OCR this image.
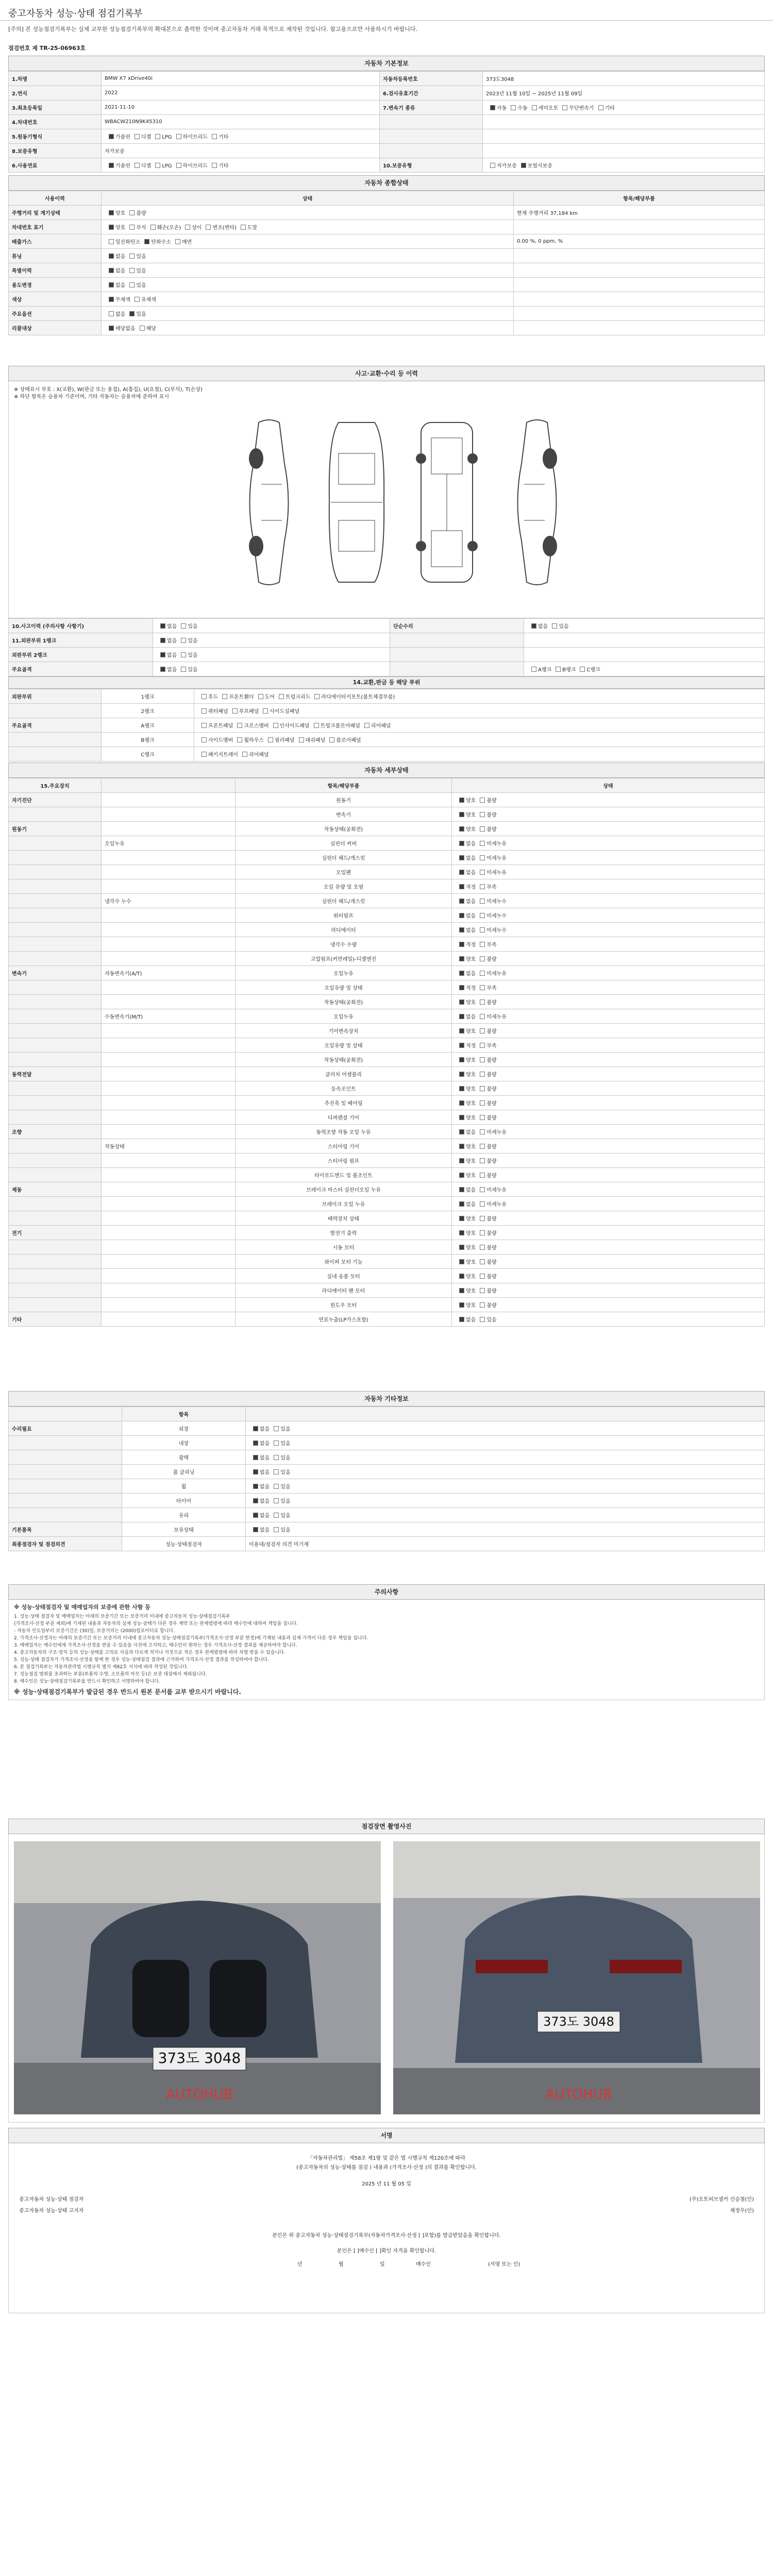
중고자동차 성능·상태 점검기록부
[주의] 본 성능점검기록부는 실제 교부한 성능점검기록부의 확대본으로 출력한 것이며 중고자동차 거래 목적으로 제작된 것입니다. 참고용으로만 사용하시기 바랍니다.
점검번호 제 TR-25-06963호
자동차 기본정보
1.차명	BMW X7 xDrive40i	자동차등록번호	373도3048
2.연식	2022	6.검사유효기간	2023년 11월 10일 ~ 2025년 11월 09일
3.최초등록일	2021-11-10	7.변속기 종류	자동 수동 세미오토 무단변속기 기타
4.차대번호	WBACW210N9K45310		
5.원동기형식	가솔린 디젤 LPG 하이브리드 기타		
8.보증유형	자가보증		
6.사용연료	가솔린 디젤 LPG 하이브리드 기타	10.보증유형	자가보증 보험사보증
자동차 종합상태
사용이력	상태	항목/해당부품
주행거리 및 계기상태	양호 불량	현재 주행거리 37,184 km
차대번호 표기	양호 부식 훼손(오손) 상이 변조(변타) 도말	
배출가스	일산화탄소 탄화수소 매연	0.00 %, 0 ppm, %
튜닝	없음 있음	
특별이력	없음 있음	
용도변경	없음 있음	
색상	무채색 유채색	
주요옵션	없음 있음	
리콜대상	해당없음 해당	
사고·교환·수리 등 이력
※ 상태표시 부호 : X(교환), W(판금 또는 용접), A(흠집), U(요철), C(부식), T(손상)
※ 하단 항목은 승용차 기준이며, 기타 자동차는 승용차에 준하여 표시
10.사고이력 (주의사항 사항기)	없음 있음	단순수리	없음 있음
11.외판부위 1랭크	없음 있음		
외판부위 2랭크	없음 있음		
주요골격	없음 있음		A랭크 B랭크 C랭크
14.교환,판금 등 해당 부위
외판부위	1랭크	후드 프론트휀더 도어 트렁크리드 라디에이터서포트(볼트체결부품)
	2랭크	쿼터패널 루프패널 사이드실패널
주요골격	A랭크	프론트패널 크로스멤버 인사이드패널 트렁크플로어패널 리어패널
	B랭크	사이드멤버 휠하우스 필러패널 대쉬패널 플로어패널
	C랭크	패키지트레이 리어패널
자동차 세부상태
15.주요장치		항목/해당부품	상태
자기진단		원동기	양호 불량
		변속기	양호 불량
원동기		작동상태(공회전)	양호 불량
	오일누유	실린더 커버	없음 미세누유
		실린더 헤드/개스킷	없음 미세누유
		오일팬	없음 미세누유
		오일 유량 및 오염	적정 부족
	냉각수 누수	실린더 헤드/개스킷	없음 미세누수
		워터펌프	없음 미세누수
		라디에이터	없음 미세누수
		냉각수 수량	적정 부족
		고압펌프(커먼레일)-디젤엔진	양호 불량
변속기	자동변속기(A/T)	오일누유	없음 미세누유
		오일유량 및 상태	적정 부족
		작동상태(공회전)	양호 불량
	수동변속기(M/T)	오일누유	없음 미세누유
		기어변속장치	양호 불량
		오일유량 및 상태	적정 부족
		작동상태(공회전)	양호 불량
동력전달		클러치 어셈블리	양호 불량
		등속조인트	양호 불량
		추진축 및 베어링	양호 불량
		디퍼렌셜 기어	양호 불량
조향		동력조향 작동 오일 누유	없음 미세누유
	작동상태	스티어링 기어	양호 불량
		스티어링 펌프	양호 불량
		타이로드엔드 및 볼조인트	양호 불량
제동		브레이크 마스터 실린더오일 누유	없음 미세누유
		브레이크 오일 누유	없음 미세누유
		배력장치 상태	양호 불량
전기		발전기 출력	양호 불량
		시동 모터	양호 불량
		와이퍼 모터 기능	양호 불량
		실내 송풍 모터	양호 불량
		라디에이터 팬 모터	양호 불량
		윈도우 모터	양호 불량
기타		연료누출(LP가스포함)	없음 있음
자동차 기타정보
	항목	
수리필요	외장	없음 있음
	내장	없음 있음
	광택	없음 있음
	룸 클리닝	없음 있음
	휠	없음 있음
	타이어	없음 있음
	유리	없음 있음
기본품목	보유상태	없음 있음
최종점검자 및 점검의견	성능·상태점검자	이용대/점검자 의견 미기재
주의사항

※ 성능·상태점검자 및 매매업자의 보증에 관한 사항 등

1. 성능·상태 점검자 및 매매업자는 아래의 보증기간 또는 보증거리 이내에 중고자동차 성능·상태점검기록부

(가격조사·산정 부분 제외)에 기재된 내용과 자동차의 실제 성능·상태가 다른 경우 계약 또는 관계법령에 따라 매수인에 대하여 책임을 집니다.

- 자동차 인도일부터 보증기간은 (30)일, 보증거리는 (2000)킬로미터로 합니다.

2. 가격조사·산정자는 아래의 보증기간 또는 보증거리 이내에 중고자동차 성능·상태점검기록부(가격조사·산정 부분 한정)에 기재된 내용과 실제 가격이 다른 경우 책임을 집니다.

3. 매매업자는 매수인에게 가격조사·산정을 받을 수 있음을 사전에 고지하고, 매수인이 원하는 경우 가격조사·산정 결과를 제공하여야 합니다.

4. 중고자동차의 구조·장치 등의 성능·상태를 고의로 사실과 다르게 적거나 거짓으로 적은 경우 관계법령에 따라 처벌 받을 수 있습니다.

5. 성능·상태 점검자가 가격조사·산정을 함께 한 경우 성능·상태점검 결과에 근거하여 가격조사·산정 결과를 작성하여야 합니다.

6. 본 점검기록부는 자동차관리법 시행규칙 별지 제82호 서식에 따라 작성된 것입니다.

7. 성능점검 범위를 초과하는 부분(부품의 수명, 소모품의 마모 등)은 보증 대상에서 제외됩니다.

8. 매수인은 성능·상태점검기록부를 반드시 확인하고 서명하여야 합니다.

※ 성능·상태점검기록부가 발급된 경우 반드시 원본 문서를 교부 받으시기 바랍니다.

점검장면 촬영사진
373도 3048
AUTOHUB
373도 3048
AUTOHUB
서명
「자동차관리법」 제58조 제1항 및 같은 법 시행규칙 제120조에 따라
(중고자동차의 성능·상태를 점검 ) 내용과 (가격조사·산정 )의 결과를 확인합니다.
2025 년 11 월 05 일
중고자동차 성능·상태 점검자	(주)오토허브셀카 신승철(인)
중고자동차 성능·상태 고지자	채정우(인)
본인은 위 중고자동차 성능·상태점검기록부(자동차가격조사·산정 [ ]포함)를 발급받았음을 확인합니다.
본인은 [ ]매수인 [ ]확인 자격을 확인합니다.
년	월	일	매수인	(서명 또는 인)
